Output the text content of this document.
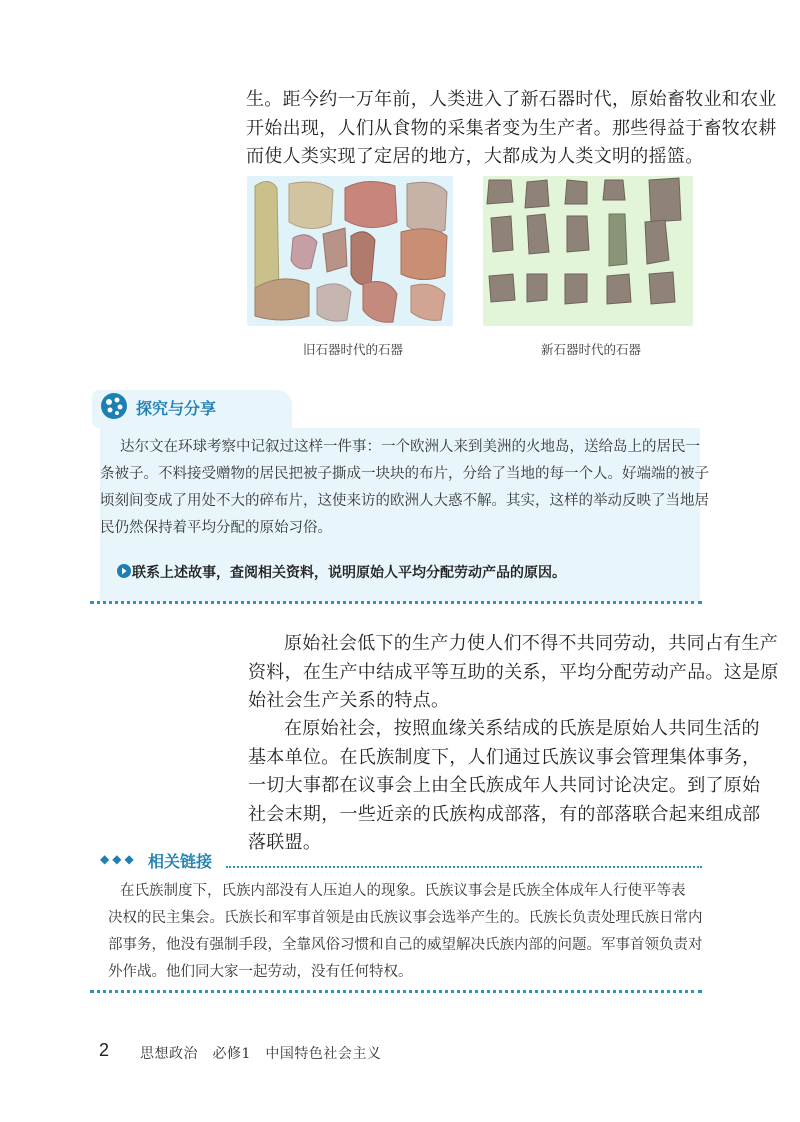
生。距今约一万年前，人类进入了新石器时代，原始畜牧业和农业
开始出现，人们从食物的采集者变为生产者。那些得益于畜牧农耕
而使人类实现了定居的地方，大都成为人类文明的摇篮。
旧石器时代的石器	新石器时代的石器
探究与分享

达尔文在环球考察中记叙过这样一件事：一个欧洲人来到美洲的火地岛，送给岛上的居民一
条被子。不料接受赠物的居民把被子撕成一块块的布片，分给了当地的每一个人。好端端的被子
顷刻间变成了用处不大的碎布片，这使来访的欧洲人大惑不解。其实，这样的举动反映了当地居
民仍然保持着平均分配的原始习俗。

联系上述故事，查阅相关资料，说明原始人平均分配劳动产品的原因。
原始社会低下的生产力使人们不得不共同劳动，共同占有生产
资料，在生产中结成平等互助的关系，平均分配劳动产品。这是原
始社会生产关系的特点。
在原始社会，按照血缘关系结成的氏族是原始人共同生活的
基本单位。在氏族制度下，人们通过氏族议事会管理集体事务，
一切大事都在议事会上由全氏族成年人共同讨论决定。到了原始
社会末期，一些近亲的氏族构成部落，有的部落联合起来组成部
落联盟。
◆◆◆ 相关链接

在氏族制度下，氏族内部没有人压迫人的现象。氏族议事会是氏族全体成年人行使平等表
决权的民主集会。氏族长和军事首领是由氏族议事会选举产生的。氏族长负责处理氏族日常内
部事务，他没有强制手段，全靠风俗习惯和自己的威望解决氏族内部的问题。军事首领负责对
外作战。他们同大家一起劳动，没有任何特权。

2 思想政治　必修1　中国特色社会主义
